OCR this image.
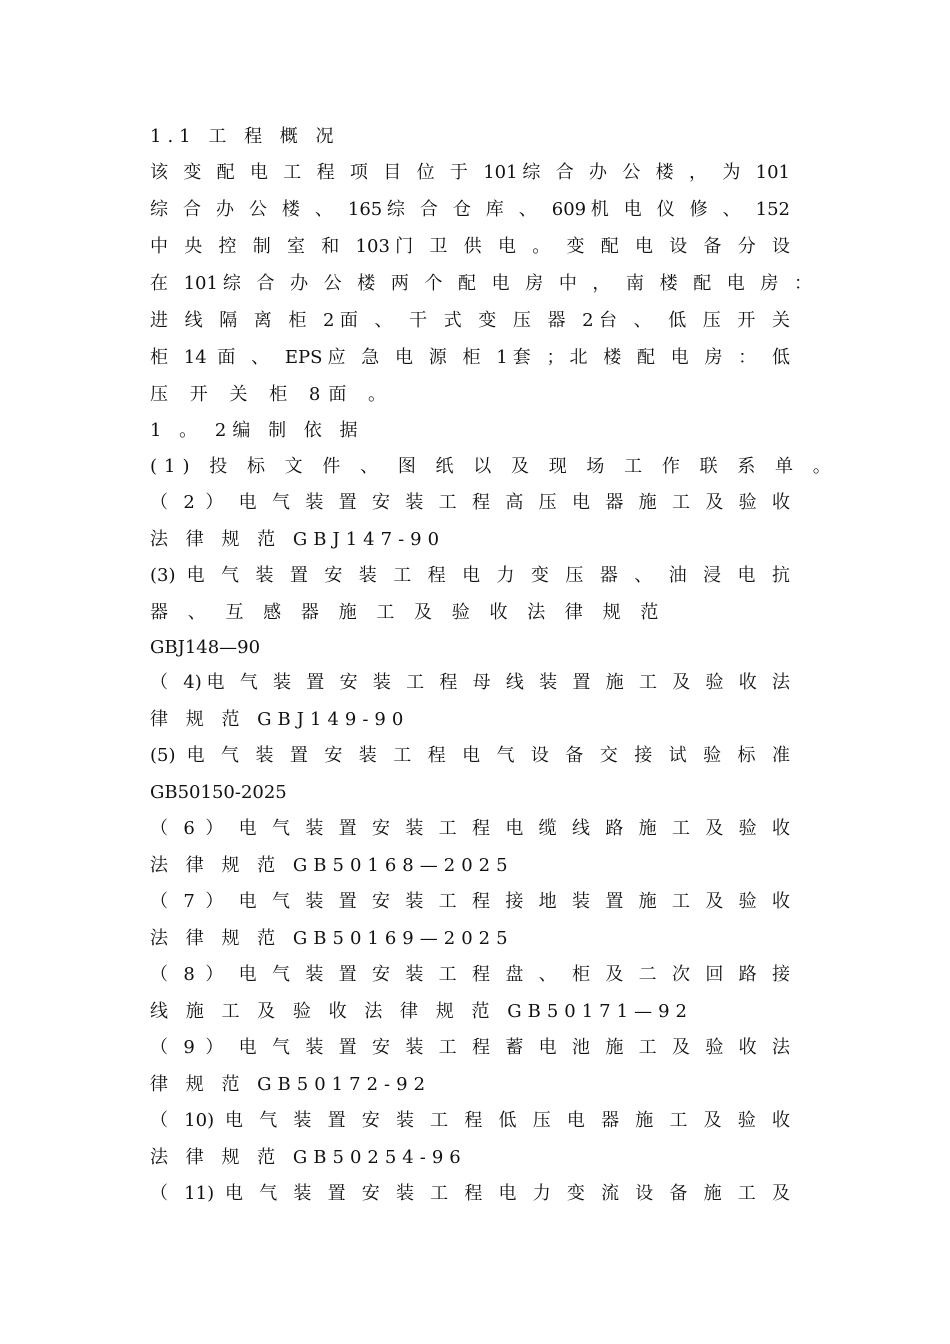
1.1 工 程 概 况
该 变 配 电 工 程 项 目 位 于 101综 合 办 公 楼 ， 为 101
综 合 办 公 楼 、 165综 合 仓 库 、 609机 电 仪 修 、 152
中 央 控 制 室 和 103门 卫 供 电 。 变 配 电 设 备 分 设
在 101综 合 办 公 楼 两 个 配 电 房 中 ， 南 楼 配 电 房 ：
进 线 隔 离 柜 2面 、 干 式 变 压 器 2台 、 低 压 开 关
柜 14 面 、 EPS应 急 电 源 柜 1套 ；北 楼 配 电 房 ： 低
压 开 关 柜 8面 。
1 。 2编 制 依 据
(1) 投 标 文 件 、 图 纸 以 及 现 场 工 作 联 系 单 。
（ 2 ） 电 气 装 置 安 装 工 程 高 压 电 器 施 工 及 验 收
法 律 规 范 GBJ147-90
(3) 电 气 装 置 安 装 工 程 电 力 变 压 器 、 油 浸 电 抗
器 、 互 感 器 施 工 及 验 收 法 律 规 范
GBJ148—90
（ 4)电 气 装 置 安 装 工 程 母 线 装 置 施 工 及 验 收 法
律 规 范 GBJ149-90
(5) 电 气 装 置 安 装 工 程 电 气 设 备 交 接 试 验 标 准
GB50150-2025
（ 6 ） 电 气 装 置 安 装 工 程 电 缆 线 路 施 工 及 验 收
法 律 规 范 GB50168—2025
（ 7 ） 电 气 装 置 安 装 工 程 接 地 装 置 施 工 及 验 收
法 律 规 范 GB50169—2025
（ 8 ） 电 气 装 置 安 装 工 程 盘 、 柜 及 二 次 回 路 接
线 施 工 及 验 收 法 律 规 范 GB50171—92
（ 9 ） 电 气 装 置 安 装 工 程 蓄 电 池 施 工 及 验 收 法
律 规 范 GB50172-92
（ 10) 电 气 装 置 安 装 工 程 低 压 电 器 施 工 及 验 收
法 律 规 范 GB50254-96
（ 11) 电 气 装 置 安 装 工 程 电 力 变 流 设 备 施 工 及
